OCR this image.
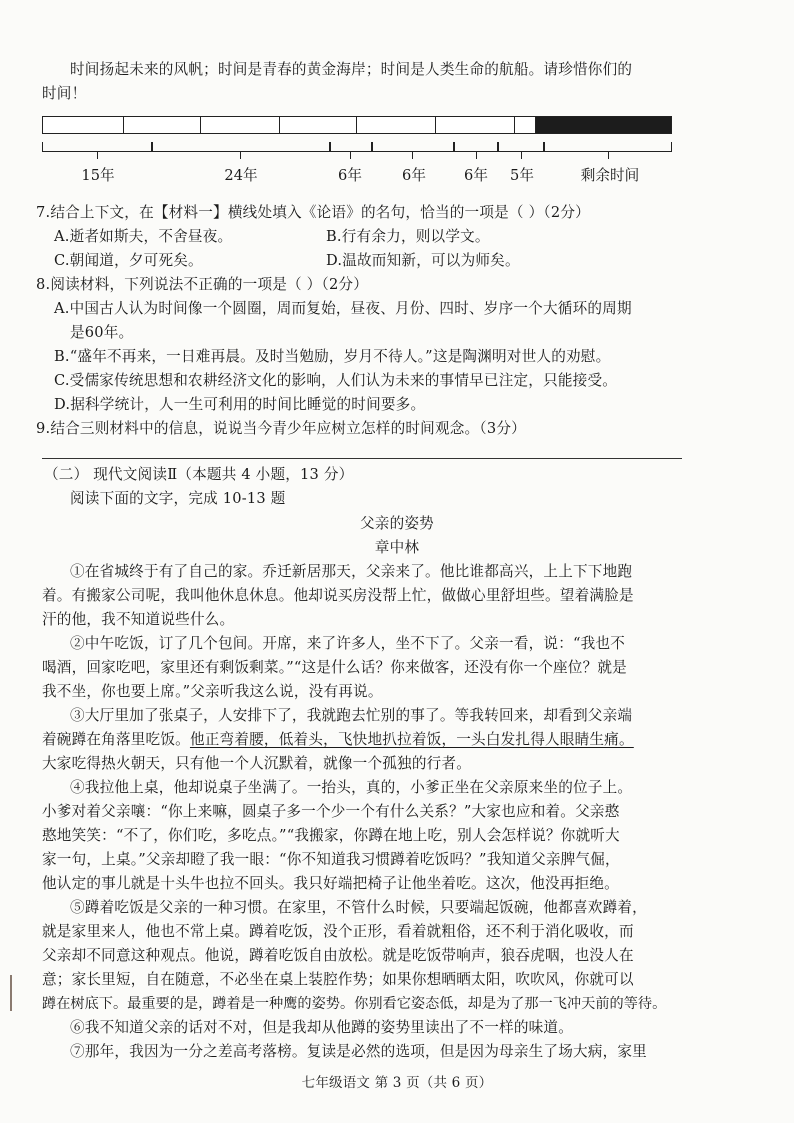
时间扬起未来的风帆；时间是青春的黄金海岸；时间是人类生命的航船。请珍惜你们的
时间！
15年	24年	6年	6年	6年	5年	剩余时间
7.结合上下文，在【材料一】横线处填入《论语》的名句，恰当的一项是（ ）（2分）
A.逝者如斯夫，不舍昼夜。	B.行有余力，则以学文。
C.朝闻道，夕可死矣。	D.温故而知新，可以为师矣。
8.阅读材料，下列说法不正确的一项是（ ）（2分）
A.中国古人认为时间像一个圆圈，周而复始，昼夜、月份、四时、岁序一个大循环的周期
是60年。
B.“盛年不再来，一日难再晨。及时当勉励，岁月不待人。”这是陶渊明对世人的劝慰。
C.受儒家传统思想和农耕经济文化的影响，人们认为未来的事情早已注定，只能接受。
D.据科学统计，人一生可利用的时间比睡觉的时间要多。
9.结合三则材料中的信息，说说当今青少年应树立怎样的时间观念。（3分）
（二） 现代文阅读Ⅱ（本题共 4 小题，13 分）
阅读下面的文字，完成 10-13 题
父亲的姿势
章中林
①在省城终于有了自己的家。乔迁新居那天，父亲来了。他比谁都高兴，上上下下地跑
着。有搬家公司呢，我叫他休息休息。他却说买房没帮上忙，做做心里舒坦些。望着满脸是
汗的他，我不知道说些什么。
②中午吃饭，订了几个包间。开席，来了许多人，坐不下了。父亲一看，说：“我也不
喝酒，回家吃吧，家里还有剩饭剩菜。”“这是什么话？你来做客，还没有你一个座位？就是
我不坐，你也要上席。”父亲听我这么说，没有再说。
③大厅里加了张桌子，人安排下了，我就跑去忙别的事了。等我转回来，却看到父亲端
着碗蹲在角落里吃饭。他正弯着腰，低着头，飞快地扒拉着饭，一头白发扎得人眼睛生痛。
大家吃得热火朝天，只有他一个人沉默着，就像一个孤独的行者。
④我拉他上桌，他却说桌子坐满了。一抬头，真的，小爹正坐在父亲原来坐的位子上。
小爹对着父亲嚷：“你上来嘛，圆桌子多一个少一个有什么关系？”大家也应和着。父亲憨
憨地笑笑：“不了，你们吃，多吃点。”“我搬家，你蹲在地上吃，别人会怎样说？你就听大
家一句，上桌。”父亲却瞪了我一眼：“你不知道我习惯蹲着吃饭吗？”我知道父亲脾气倔，
他认定的事儿就是十头牛也拉不回头。我只好端把椅子让他坐着吃。这次，他没再拒绝。
⑤蹲着吃饭是父亲的一种习惯。在家里，不管什么时候，只要端起饭碗，他都喜欢蹲着，
就是家里来人，他也不常上桌。蹲着吃饭，没个正形，看着就粗俗，还不利于消化吸收，而
父亲却不同意这种观点。他说，蹲着吃饭自由放松。就是吃饭带响声，狼吞虎咽，也没人在
意；家长里短，自在随意，不必坐在桌上装腔作势；如果你想晒晒太阳，吹吹风，你就可以
蹲在树底下。最重要的是，蹲着是一种鹰的姿势。你别看它姿态低，却是为了那一飞冲天前的等待。
⑥我不知道父亲的话对不对，但是我却从他蹲的姿势里读出了不一样的味道。
⑦那年，我因为一分之差高考落榜。复读是必然的选项，但是因为母亲生了场大病，家里
七年级语文 第 3 页（共 6 页）
